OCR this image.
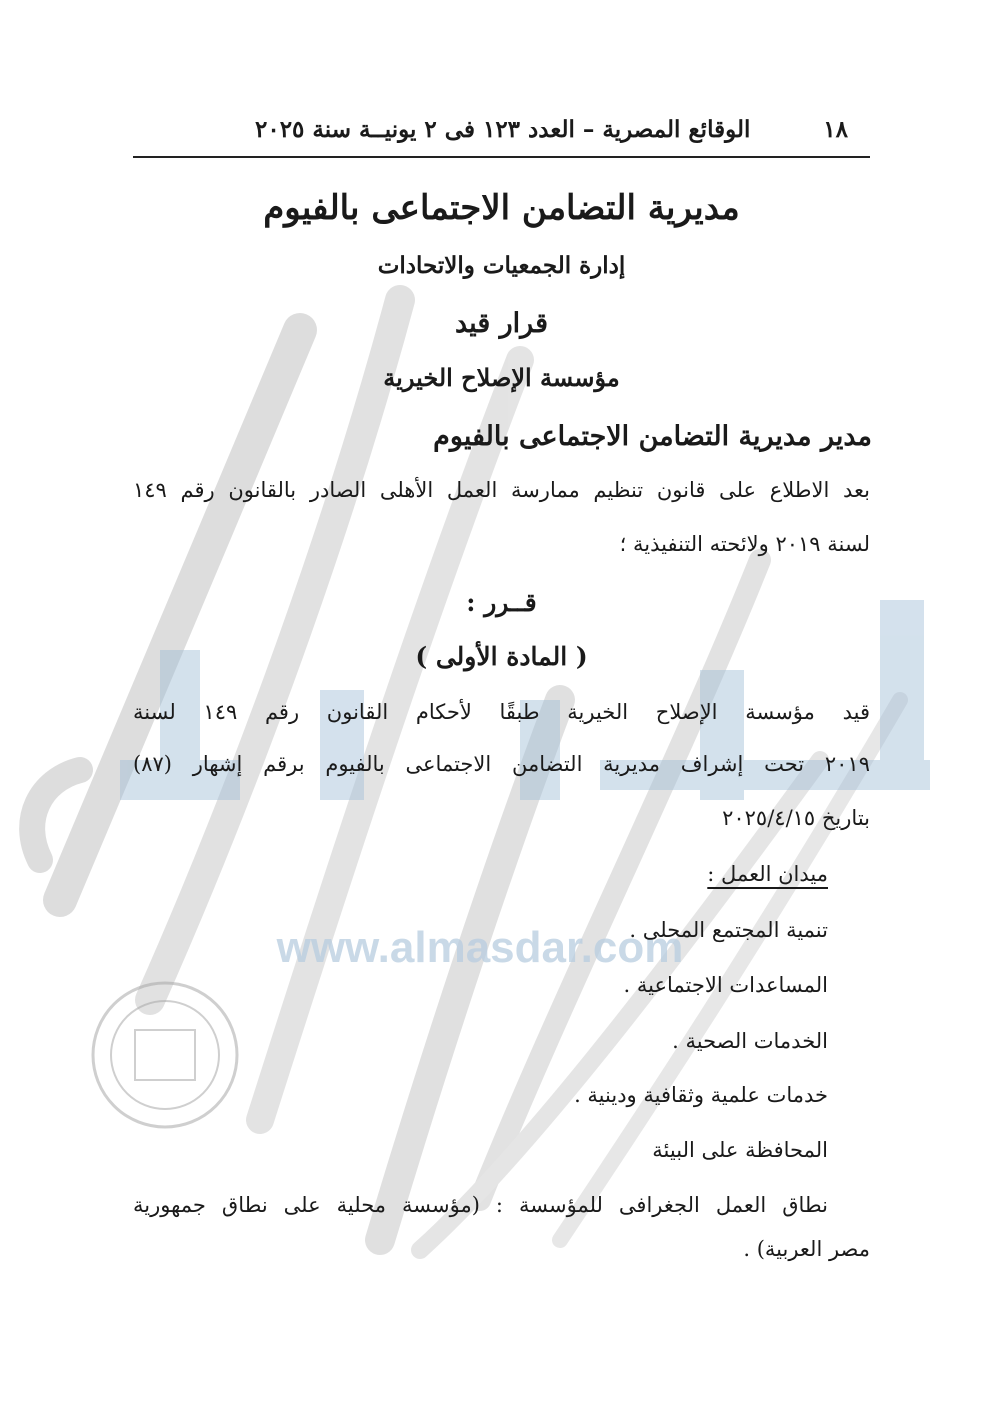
www.almasdar.com
١٨
الوقائع المصرية – العدد ١٢٣ فى ٢ يونيــة سنة ٢٠٢٥
مديرية التضامن الاجتماعى بالفيوم
إدارة الجمعيات والاتحادات
قرار قيد
مؤسسة الإصلاح الخيرية
مدير مديرية التضامن الاجتماعى بالفيوم
بعد الاطلاع على قانون تنظيم ممارسة العمل الأهلى الصادر بالقانون رقم ١٤٩
لسنة ٢٠١٩ ولائحته التنفيذية ؛
قــرر :
( المادة الأولى )
قيد مؤسسة الإصلاح الخيرية طبقًا لأحكام القانون رقم ١٤٩ لسنة
٢٠١٩ تحت إشراف مديرية التضامن الاجتماعى بالفيوم برقم إشهار (٨٧)
بتاريخ ٢٠٢٥/٤/١٥
ميدان العمل :
تنمية المجتمع المحلى .
المساعدات الاجتماعية .
الخدمات الصحية .
خدمات علمية وثقافية ودينية .
المحافظة على البيئة
نطاق العمل الجغرافى للمؤسسة : (مؤسسة محلية على نطاق جمهورية
مصر العربية) .
